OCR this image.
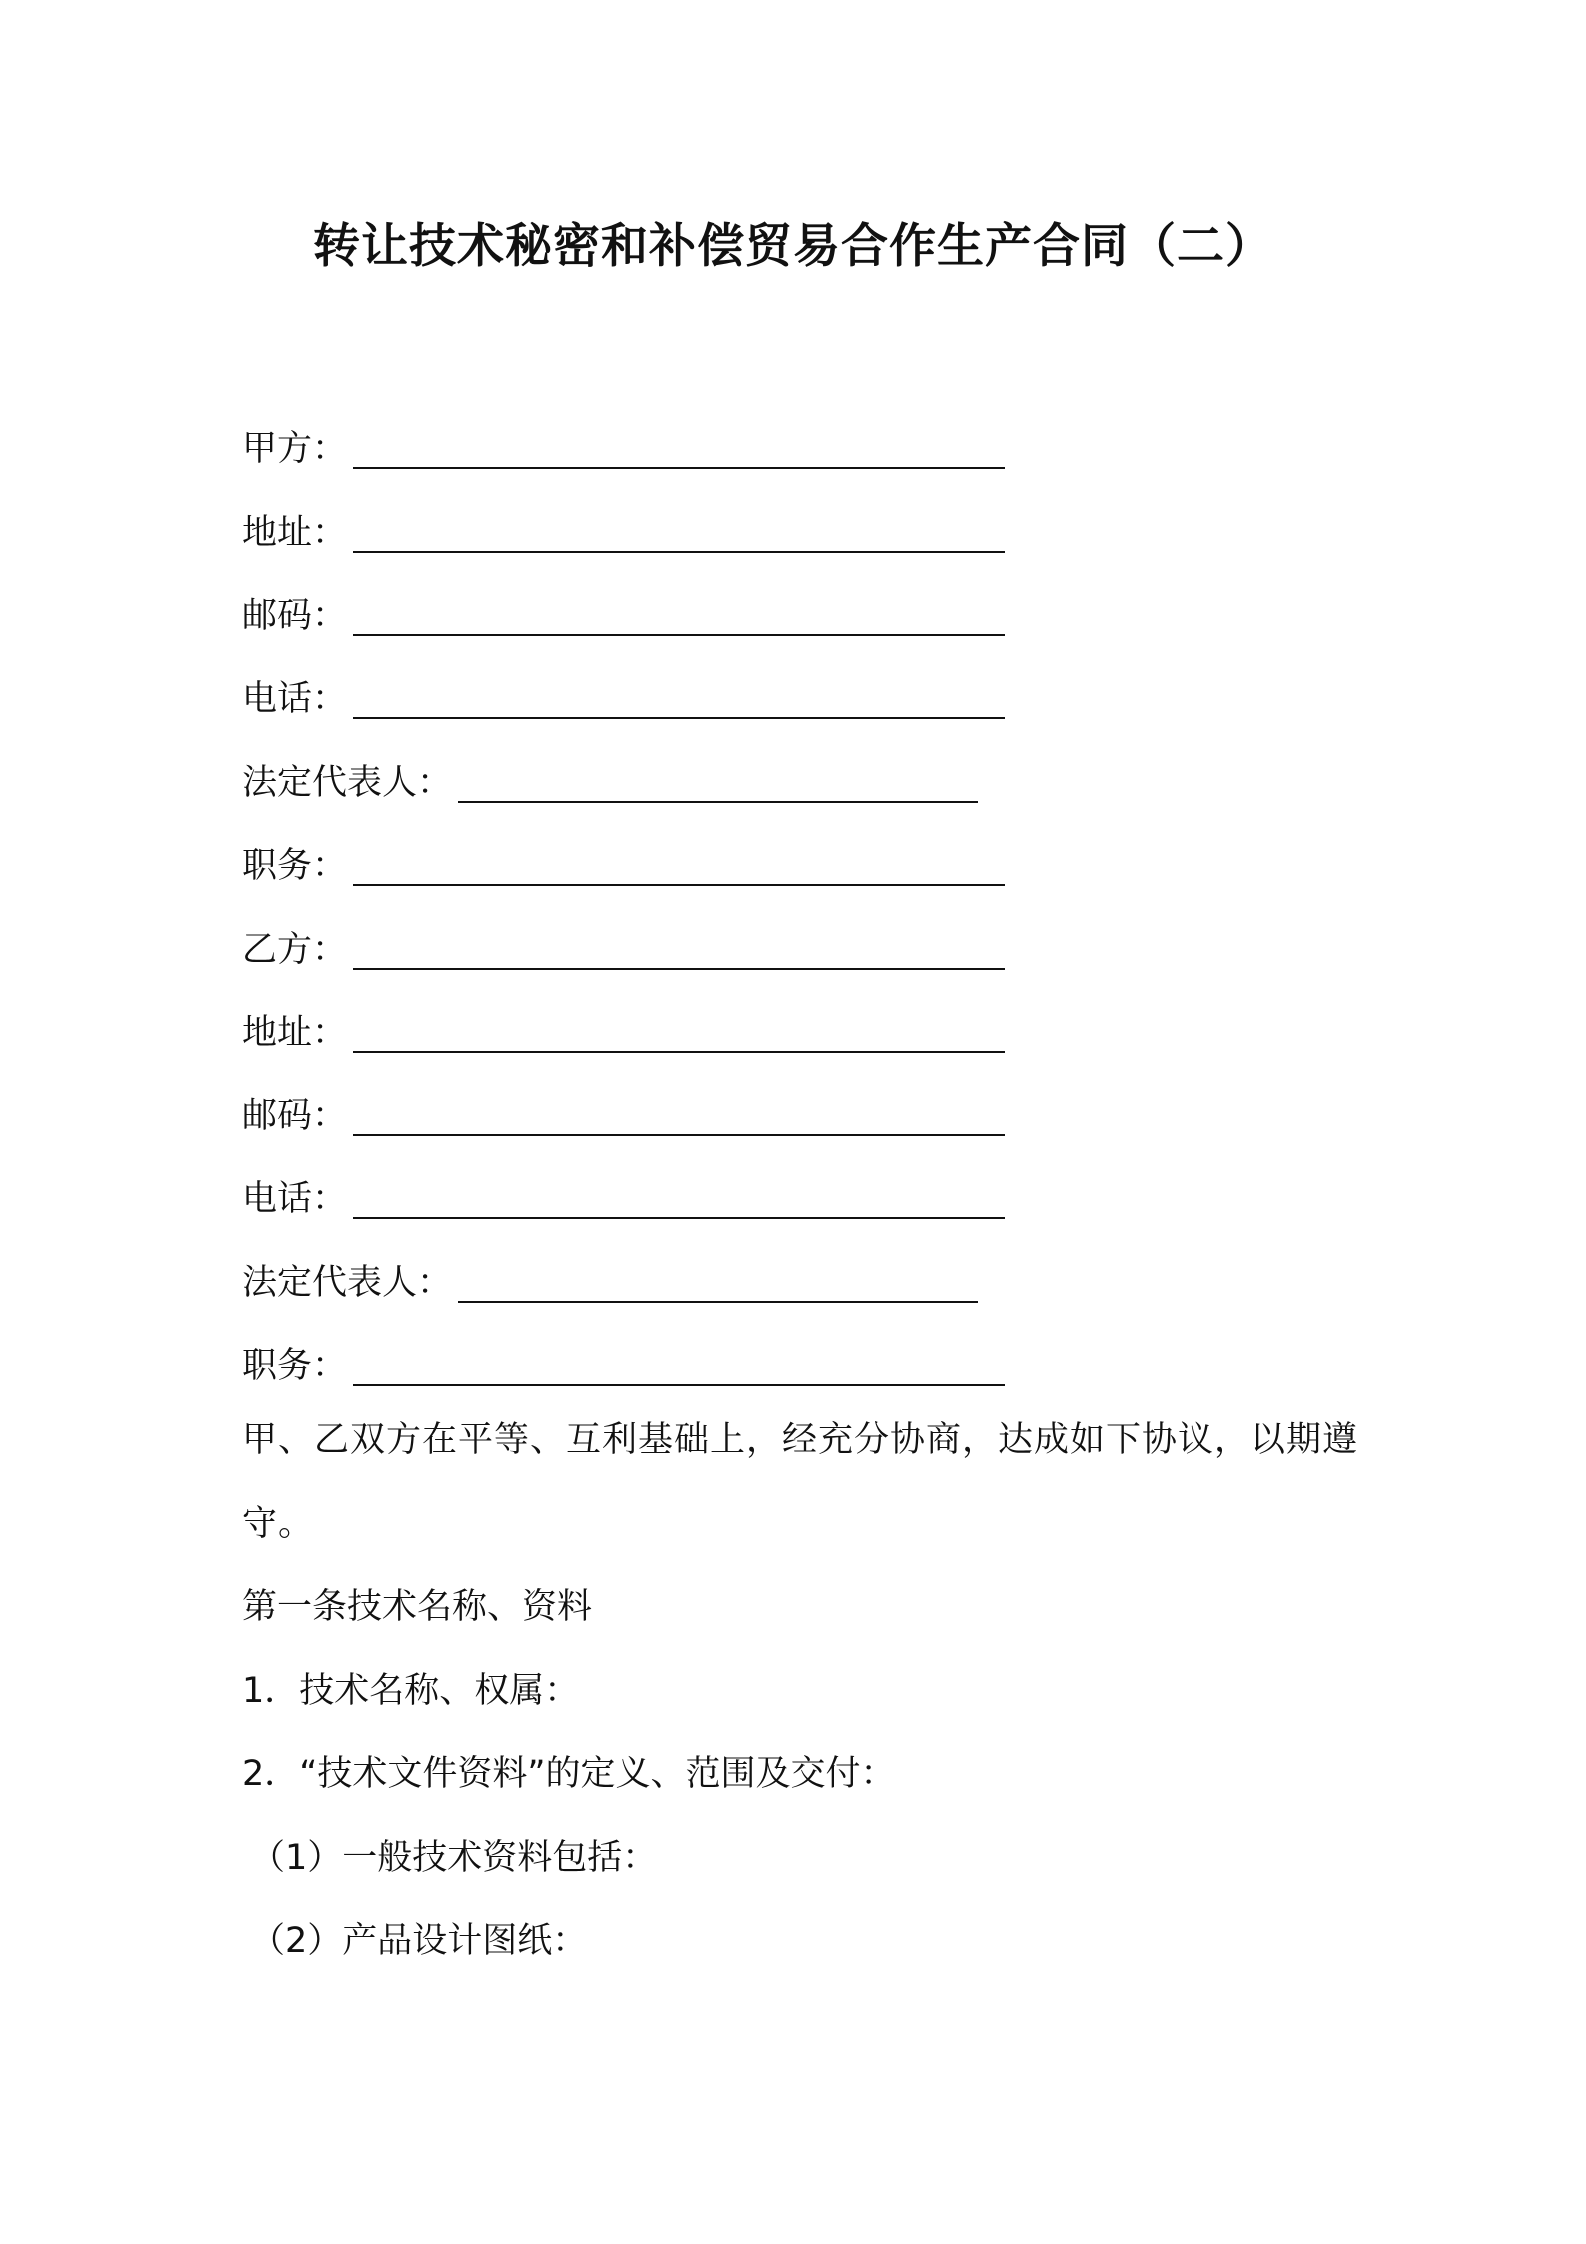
转让技术秘密和补偿贸易合作生产合同（二）
甲方：
地址：
邮码：
电话：
法定代表人：
职务：
乙方：
地址：
邮码：
电话：
法定代表人：
职务：
甲、乙双方在平等、互利基础上，经充分协商，达成如下协议，以期遵守。
第一条技术名称、资料
1．技术名称、权属：
2．“技术文件资料”的定义、范围及交付：
（1）一般技术资料包括：
（2）产品设计图纸：
